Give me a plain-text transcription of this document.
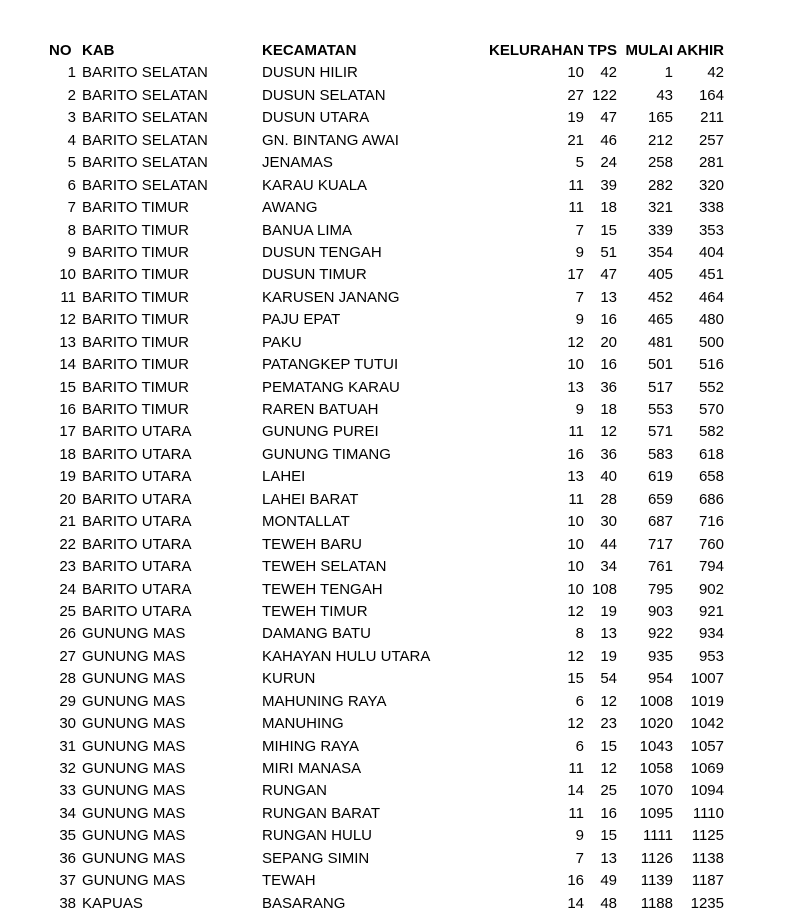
NO KAB	KECAMATAN	KELURAHAN TPS MULAI AKHIR
1 BARITO SELATAN	DUSUN HILIR	10 42	1 42
2 BARITO SELATAN	DUSUN SELATAN	27 122	43 164
3 BARITO SELATAN	DUSUN UTARA	19 47 165 211
4 BARITO SELATAN	GN. BINTANG AWAI	21 46 212 257
5 BARITO SELATAN	JENAMAS	5 24 258 281
6 BARITO SELATAN	KARAU KUALA	11 39 282 320
7 BARITO TIMUR	AWANG	11 18 321 338
8 BARITO TIMUR	BANUA LIMA	7 15 339 353
9 BARITO TIMUR	DUSUN TENGAH	9 51 354 404
10 BARITO TIMUR	DUSUN TIMUR	17 47 405 451
11 BARITO TIMUR	KARUSEN JANANG	7 13 452 464
12 BARITO TIMUR	PAJU EPAT	9 16 465 480
13 BARITO TIMUR	PAKU	12 20 481 500
14 BARITO TIMUR	PATANGKEP TUTUI	10 16 501 516
15 BARITO TIMUR	PEMATANG KARAU	13 36 517 552
16 BARITO TIMUR	RAREN BATUAH	9 18 553 570
17 BARITO UTARA	GUNUNG PUREI	11 12 571 582
18 BARITO UTARA	GUNUNG TIMANG	16 36 583 618
19 BARITO UTARA	LAHEI	13 40 619 658
20 BARITO UTARA	LAHEI BARAT	11 28 659 686
21 BARITO UTARA	MONTALLAT	10 30 687 716
22 BARITO UTARA	TEWEH BARU	10 44 717 760
23 BARITO UTARA	TEWEH SELATAN	10 34 761 794
24 BARITO UTARA	TEWEH TENGAH	10 108 795 902
25 BARITO UTARA	TEWEH TIMUR	12 19 903 921
26 GUNUNG MAS	DAMANG BATU	8 13 922 934
27 GUNUNG MAS	KAHAYAN HULU UTARA	12 19 935 953
28 GUNUNG MAS	KURUN	15 54 954 1007
29 GUNUNG MAS	MAHUNING RAYA	6 12 1008 1019
30 GUNUNG MAS	MANUHING	12 23 1020 1042
31 GUNUNG MAS	MIHING RAYA	6 15 1043 1057
32 GUNUNG MAS	MIRI MANASA	11 12 1058 1069
33 GUNUNG MAS	RUNGAN	14 25 1070 1094
34 GUNUNG MAS	RUNGAN BARAT	11 16 1095 1110
35 GUNUNG MAS	RUNGAN HULU	9 15 1111 1125
36 GUNUNG MAS	SEPANG SIMIN	7 13 1126 1138
37 GUNUNG MAS	TEWAH	16 49 1139 1187
38 KAPUAS	BASARANG	14 48 1188 1235
